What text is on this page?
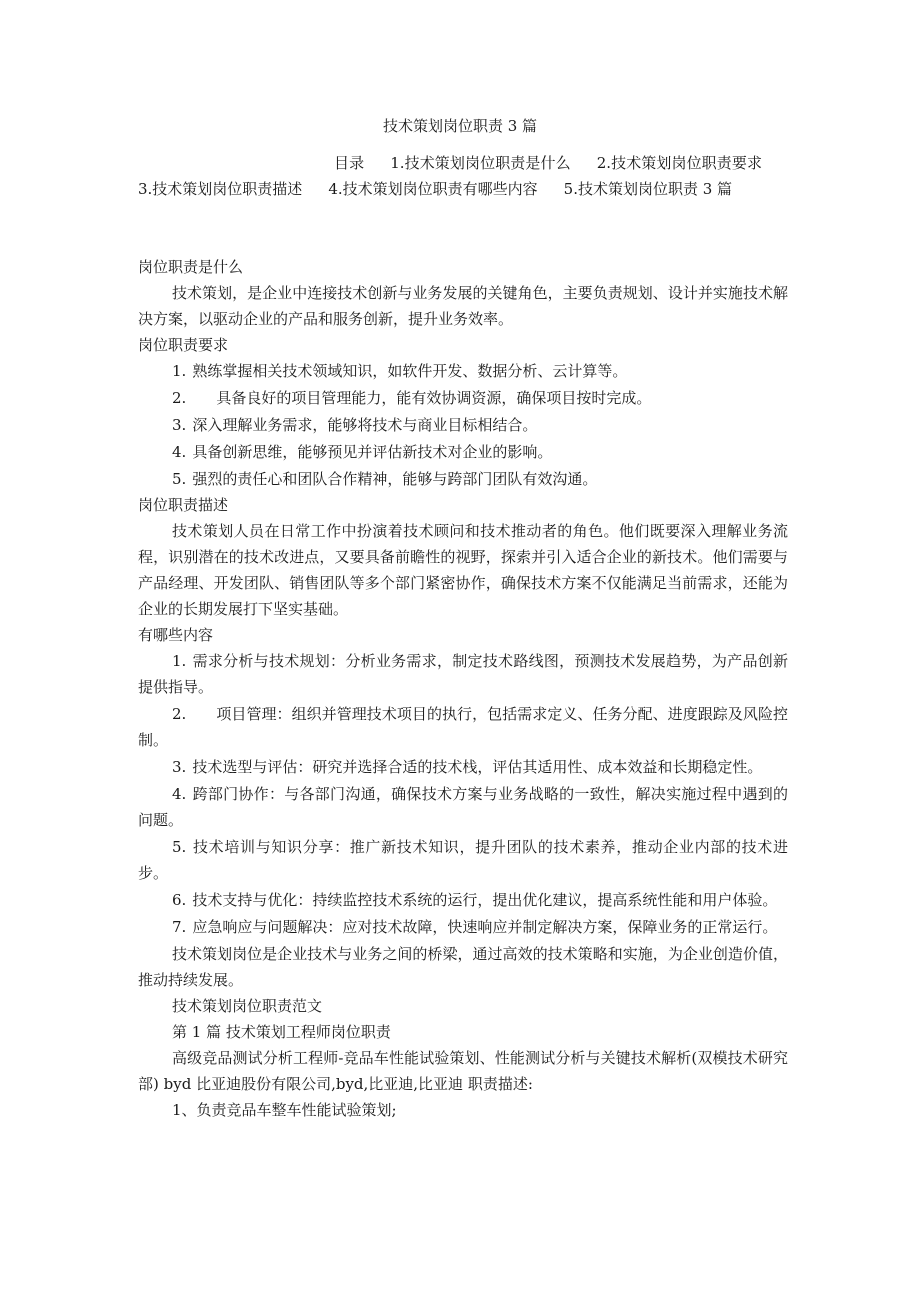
技术策划岗位职责 3 篇
目录 1.技术策划岗位职责是什么 2.技术策划岗位职责要求3.技术策划岗位职责描述 4.技术策划岗位职责有哪些内容 5.技术策划岗位职责 3 篇

岗位职责是什么

技术策划，是企业中连接技术创新与业务发展的关键角色，主要负责规划、设计并实施技术解决方案，以驱动企业的产品和服务创新，提升业务效率。

岗位职责要求

1. 熟练掌握相关技术领域知识，如软件开发、数据分析、云计算等。

2. 具备良好的项目管理能力，能有效协调资源，确保项目按时完成。

3. 深入理解业务需求，能够将技术与商业目标相结合。

4. 具备创新思维，能够预见并评估新技术对企业的影响。

5. 强烈的责任心和团队合作精神，能够与跨部门团队有效沟通。

岗位职责描述

技术策划人员在日常工作中扮演着技术顾问和技术推动者的角色。他们既要深入理解业务流程，识别潜在的技术改进点，又要具备前瞻性的视野，探索并引入适合企业的新技术。他们需要与产品经理、开发团队、销售团队等多个部门紧密协作，确保技术方案不仅能满足当前需求，还能为企业的长期发展打下坚实基础。

有哪些内容

1. 需求分析与技术规划：分析业务需求，制定技术路线图，预测技术发展趋势，为产品创新提供指导。

2. 项目管理：组织并管理技术项目的执行，包括需求定义、任务分配、进度跟踪及风险控制。

3. 技术选型与评估：研究并选择合适的技术栈，评估其适用性、成本效益和长期稳定性。

4. 跨部门协作：与各部门沟通，确保技术方案与业务战略的一致性，解决实施过程中遇到的问题。

5. 技术培训与知识分享：推广新技术知识，提升团队的技术素养，推动企业内部的技术进步。

6. 技术支持与优化：持续监控技术系统的运行，提出优化建议，提高系统性能和用户体验。

7. 应急响应与问题解决：应对技术故障，快速响应并制定解决方案，保障业务的正常运行。

技术策划岗位是企业技术与业务之间的桥梁，通过高效的技术策略和实施，为企业创造价值，推动持续发展。

技术策划岗位职责范文

第 1 篇 技术策划工程师岗位职责

高级竞品测试分析工程师-竞品车性能试验策划、性能测试分析与关键技术解析(双模技术研究部) byd 比亚迪股份有限公司,byd,比亚迪,比亚迪 职责描述:

1、负责竞品车整车性能试验策划;
